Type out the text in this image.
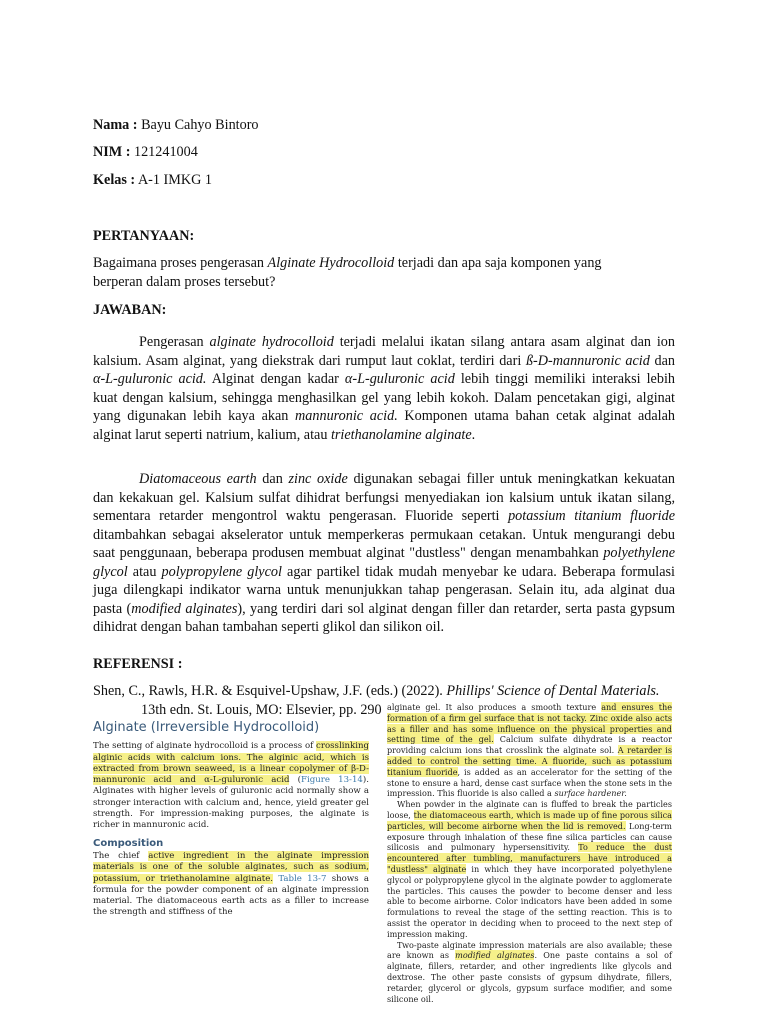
Nama : Bayu Cahyo Bintoro
NIM : 121241004
Kelas : A-1 IMKG 1
PERTANYAAN:
Bagaimana proses pengerasan Alginate Hydrocolloid terjadi dan apa saja komponen yang
berperan dalam proses tersebut?
JAWABAN:

Pengerasan alginate hydrocolloid terjadi melalui ikatan silang antara asam alginat dan ion kalsium. Asam alginat, yang diekstrak dari rumput laut coklat, terdiri dari ß-D-mannuronic acid dan α-L-guluronic acid. Alginat dengan kadar α-L-guluronic acid lebih tinggi memiliki interaksi lebih kuat dengan kalsium, sehingga menghasilkan gel yang lebih kokoh. Dalam pencetakan gigi, alginat yang digunakan lebih kaya akan mannuronic acid. Komponen utama bahan cetak alginat adalah alginat larut seperti natrium, kalium, atau triethanolamine alginate.

Diatomaceous earth dan zinc oxide digunakan sebagai filler untuk meningkatkan kekuatan dan kekakuan gel. Kalsium sulfat dihidrat berfungsi menyediakan ion kalsium untuk ikatan silang, sementara retarder mengontrol waktu pengerasan. Fluoride seperti potassium titanium fluoride ditambahkan sebagai akselerator untuk memperkeras permukaan cetakan. Untuk mengurangi debu saat penggunaan, beberapa produsen membuat alginat "dustless" dengan menambahkan polyethylene glycol atau polypropylene glycol agar partikel tidak mudah menyebar ke udara. Beberapa formulasi juga dilengkapi indikator warna untuk menunjukkan tahap pengerasan. Selain itu, ada alginat dua pasta (modified alginates), yang terdiri dari sol alginat dengan filler dan retarder, serta pasta gypsum dihidrat dengan bahan tambahan seperti glikol dan silikon oil.

REFERENSI :
Shen, C., Rawls, H.R. & Esquivel-Upshaw, J.F. (eds.) (2022). Phillips' Science of Dental Materials.
13th edn. St. Louis, MO: Elsevier, pp. 290
Alginate (Irreversible Hydrocolloid)

The setting of alginate hydrocolloid is a process of crosslinking alginic acids with calcium ions. The alginic acid, which is extracted from brown seaweed, is a linear copolymer of β-D-mannuronic acid and α-L-guluronic acid (Figure 13-14). Alginates with higher levels of guluronic acid normally show a stronger interaction with calcium and, hence, yield greater gel strength. For impression-making purposes, the alginate is richer in mannuronic acid.

Composition

The chief active ingredient in the alginate impression materials is one of the soluble alginates, such as sodium, potassium, or triethanolamine alginate. Table 13-7 shows a formula for the powder component of an alginate impression material. The diatomaceous earth acts as a filler to increase the strength and stiffness of the

alginate gel. It also produces a smooth texture and ensures the formation of a firm gel surface that is not tacky. Zinc oxide also acts as a filler and has some influence on the physical properties and setting time of the gel. Calcium sulfate dihydrate is a reactor providing calcium ions that crosslink the alginate sol. A retarder is added to control the setting time. A fluoride, such as potassium titanium fluoride, is added as an accelerator for the setting of the stone to ensure a hard, dense cast surface when the stone sets in the impression. This fluoride is also called a surface hardener.

When powder in the alginate can is fluffed to break the particles loose, the diatomaceous earth, which is made up of fine porous silica particles, will become airborne when the lid is removed. Long-term exposure through inhalation of these fine silica particles can cause silicosis and pulmonary hypersensitivity. To reduce the dust encountered after tumbling, manufacturers have introduced a "dustless" alginate in which they have incorporated polyethylene glycol or polypropylene glycol in the alginate powder to agglomerate the particles. This causes the powder to become denser and less able to become airborne. Color indicators have been added in some formulations to reveal the stage of the setting reaction. This is to assist the operator in deciding when to proceed to the next step of impression making.

Two-paste alginate impression materials are also available; these are known as modified alginates. One paste contains a sol of alginate, fillers, retarder, and other ingredients like glycols and dextrose. The other paste consists of gypsum dihydrate, fillers, retarder, glycerol or glycols, gypsum surface modifier, and some silicone oil.
